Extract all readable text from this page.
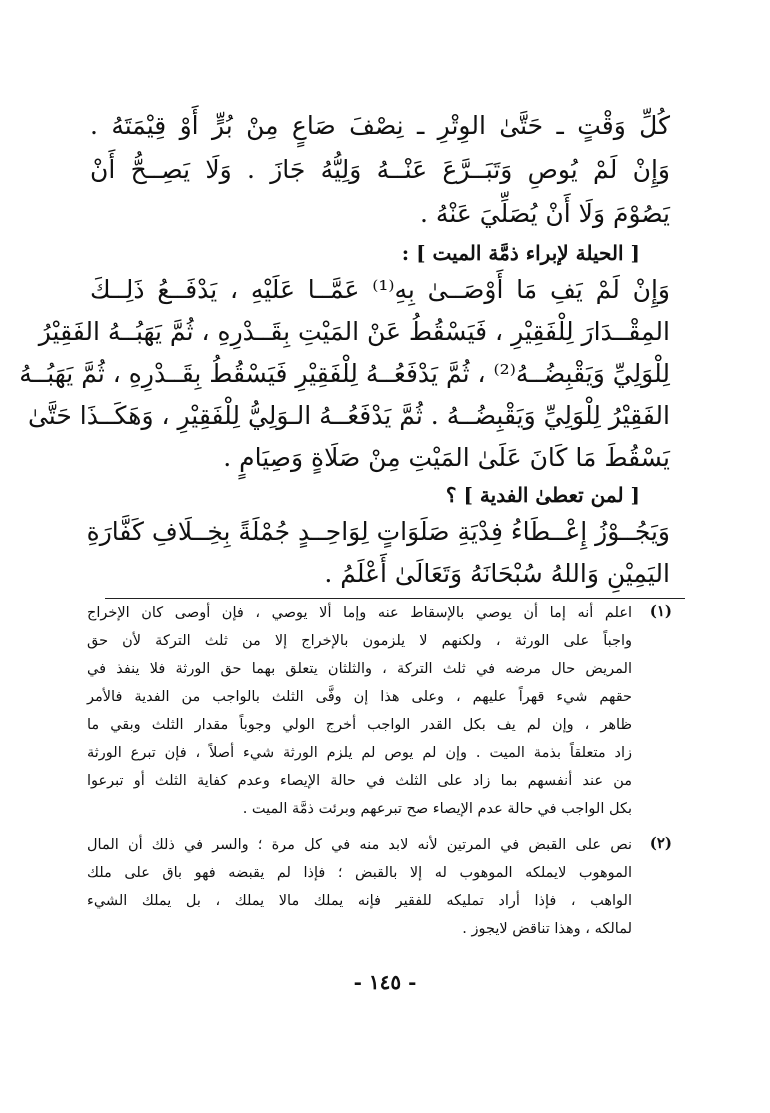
كُلِّ وَقْتٍ ـ حَتَّىٰ الوِتْرِ ـ نِصْفَ صَاعٍ مِنْ بُرٍّ أَوْ قِيْمَتَهُ .
وَإِنْ لَمْ يُوصِ وَتَبَــرَّعَ عَنْــهُ وَلِيُّهُ جَازَ . وَلَا يَصِــحُّ أَنْ
يَصُوْمَ وَلَا أَنْ يُصَلِّيَ عَنْهُ .
[ الحيلة لإبراء ذمَّة الميت ] :
وَإِنْ لَمْ يَفِ مَا أَوْصَــىٰ بِهِ⁽¹⁾ عَمَّــا عَلَيْهِ ، يَدْفَــعُ ذَلِــكَ
المِقْــدَارَ لِلْفَقِيْرِ ، فَيَسْقُطُ عَنْ المَيْتِ بِقَــدْرِهِ ، ثُمَّ يَهَبُــهُ الفَقِيْرُ
لِلْوَلِيِّ وَيَقْبِضُــهُ⁽²⁾ ، ثُمَّ يَدْفَعُــهُ لِلْفَقِيْرِ فَيَسْقُطُ بِقَــدْرِهِ ، ثُمَّ يَهَبُــهُ
الفَقِيْرُ لِلْوَلِيِّ وَيَقْبِضُــهُ . ثُمَّ يَدْفَعُــهُ الـوَلِيُّ لِلْفَقِيْرِ ، وَهَكَــذَا حَتَّىٰ
يَسْقُطَ مَا كَانَ عَلَىٰ المَيْتِ مِنْ صَلَاةٍ وَصِيَامٍ .
[ لمن تعطىٰ الفدية ] ؟
وَيَجُــوْزُ إِعْــطَاءُ فِدْيَةِ صَلَوَاتٍ لِوَاحِــدٍ جُمْلَةً بِخِــلَافِ كَفَّارَةِ
اليَمِيْنِ وَاللهُ سُبْحَانَهُ وَتَعَالَىٰ أَعْلَمُ .
(١)
اعلم أنه إما أن يوصي بالإسقاط عنه وإما ألا يوصي ، فإن أوصى كان الإخراج
واجباً على الورثة ، ولكنهم لا يلزمون بالإخراج إلا من ثلث التركة لأن حق
المريض حال مرضه في ثلث التركة ، والثلثان يتعلق بهما حق الورثة فلا ينفذ في
حقهم شيء قهراً عليهم ، وعلى هذا إن وفَّى الثلث بالواجب من الفدية فالأمر
ظاهر ، وإن لم يف بكل القدر الواجب أخرج الولي وجوباً مقدار الثلث وبقي ما
زاد متعلقاً بذمة الميت . وإن لم يوص لم يلزم الورثة شيء أصلاً ، فإن تبرع الورثة
من عند أنفسهم بما زاد على الثلث في حالة الإيصاء وعدم كفاية الثلث أو تبرعوا
بكل الواجب في حالة عدم الإيصاء صح تبرعهم وبرئت ذمَّة الميت .
(٢)
نص على القبض في المرتين لأنه لابد منه في كل مرة ؛ والسر في ذلك أن المال
الموهوب لايملكه الموهوب له إلا بالقبض ؛ فإذا لم يقبضه فهو باق على ملك
الواهب ، فإذا أراد تمليكه للفقير فإنه يملك مالا يملك ، بل يملك الشيء
لمالكه ، وهذا تناقض لايجوز .
- ١٤٥ -
